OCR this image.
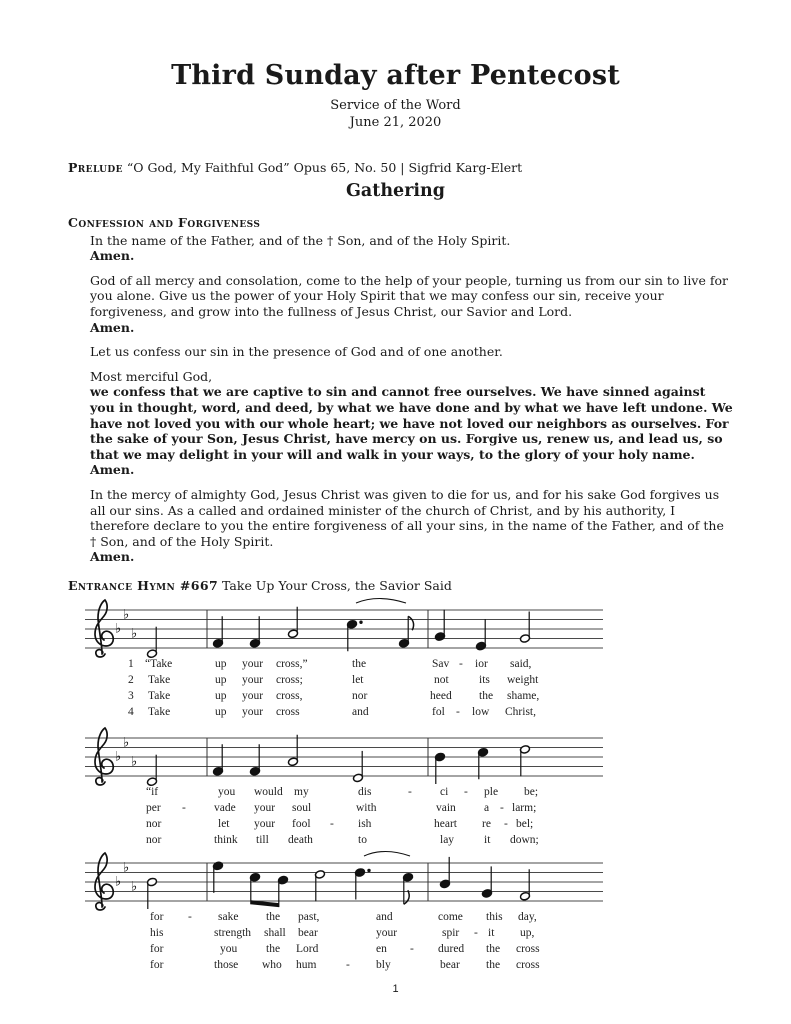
Third Sunday after Pentecost
Service of the Word
June 21, 2020
Prelude “O God, My Faithful God” Opus 65, No. 50 | Sigfrid Karg-Elert
Gathering
Confession and Forgiveness

In the name of the Father, and of the † Son, and of the Holy Spirit.
Amen.

God of all mercy and consolation, come to the help of your people, turning us from our sin to live for you alone. Give us the power of your Holy Spirit that we may confess our sin, receive your forgiveness, and grow into the fullness of Jesus Christ, our Savior and Lord.
Amen.

Let us confess our sin in the presence of God and of one another.

Most merciful God,
we confess that we are captive to sin and cannot free ourselves. We have sinned against you in thought, word, and deed, by what we have done and by what we have left undone. We have not loved you with our whole heart; we have not loved our neighbors as ourselves. For the sake of your Son, Jesus Christ, have mercy on us. Forgive us, renew us, and lead us, so that we may delight in your will and walk in your ways, to the glory of your holy name.
Amen.

In the mercy of almighty God, Jesus Christ was given to die for us, and for his sake God forgives us all our sins. As a called and ordained minister of the church of Christ, and by his authority, I therefore declare to you the entire forgiveness of all your sins, in the name of the Father, and of the † Son, and of the Holy Spirit.
Amen.

Entrance Hymn #667 Take Up Your Cross, the Savior Said
♭
♭
♭
1 “Take	up your cross,”	the	Sav - ior said,
2 Take	up your cross;	let	not	its weight
3 Take	up your cross,	nor	heed the shame,
4 Take	up your cross	and	fol - low Christ,
♭
♭
♭
“if	you would my	dis	- ci - ple be;
per - vade your soul	with	vain a - larm;
nor	let your fool - ish	heart re - bel;
nor	think till death	to	lay	it down;
♭
♭
♭
for - sake the past,	and	come this day,
his	strength shall bear	your	spir - it up,
for	you	the Lord	en - dured the cross
for	those who hum	- bly	bear the cross
1
